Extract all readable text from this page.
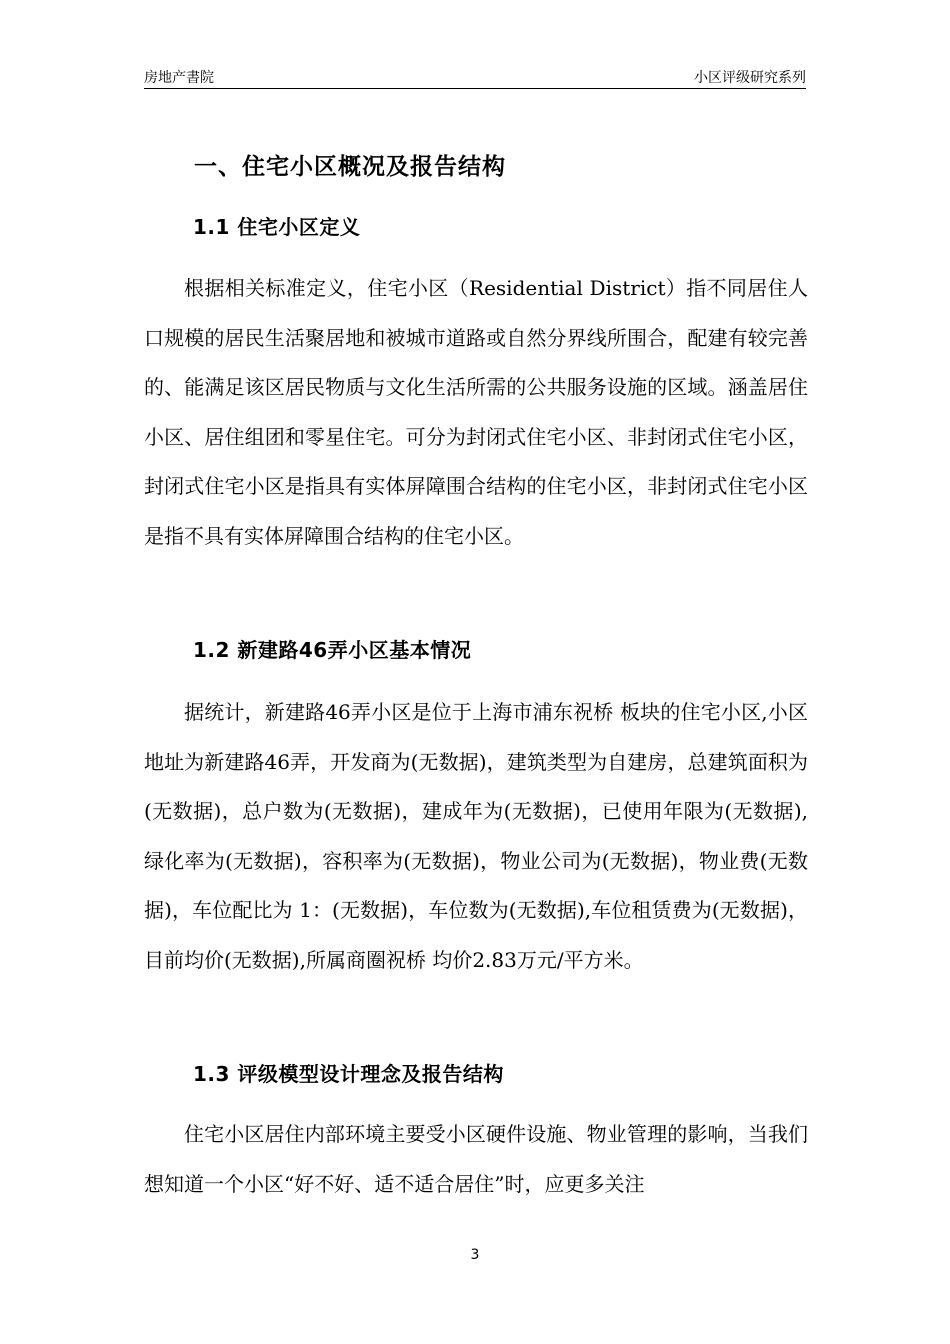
房地产書院	小区评级研究系列
一、住宅小区概况及报告结构
1.1 住宅小区定义

根据相关标准定义，住宅小区（Residential District）指不同居住人口规模的居民生活聚居地和被城市道路或自然分界线所围合，配建有较完善的、能满足该区居民物质与文化生活所需的公共服务设施的区域。涵盖居住小区、居住组团和零星住宅。可分为封闭式住宅小区、非封闭式住宅小区，封闭式住宅小区是指具有实体屏障围合结构的住宅小区，非封闭式住宅小区是指不具有实体屏障围合结构的住宅小区。

1.2 新建路46弄小区基本情况

据统计，新建路46弄小区是位于上海市浦东祝桥 板块的住宅小区,小区地址为新建路46弄，开发商为(无数据)，建筑类型为自建房，总建筑面积为(无数据)，总户数为(无数据)，建成年为(无数据)，已使用年限为(无数据),绿化率为(无数据)，容积率为(无数据)，物业公司为(无数据)，物业费(无数据)，车位配比为 1：(无数据)，车位数为(无数据),车位租赁费为(无数据)，目前均价(无数据),所属商圈祝桥 均价2.83万元/平方米。

1.3 评级模型设计理念及报告结构

住宅小区居住内部环境主要受小区硬件设施、物业管理的影响，当我们想知道一个小区“好不好、适不适合居住”时，应更多关注

3
